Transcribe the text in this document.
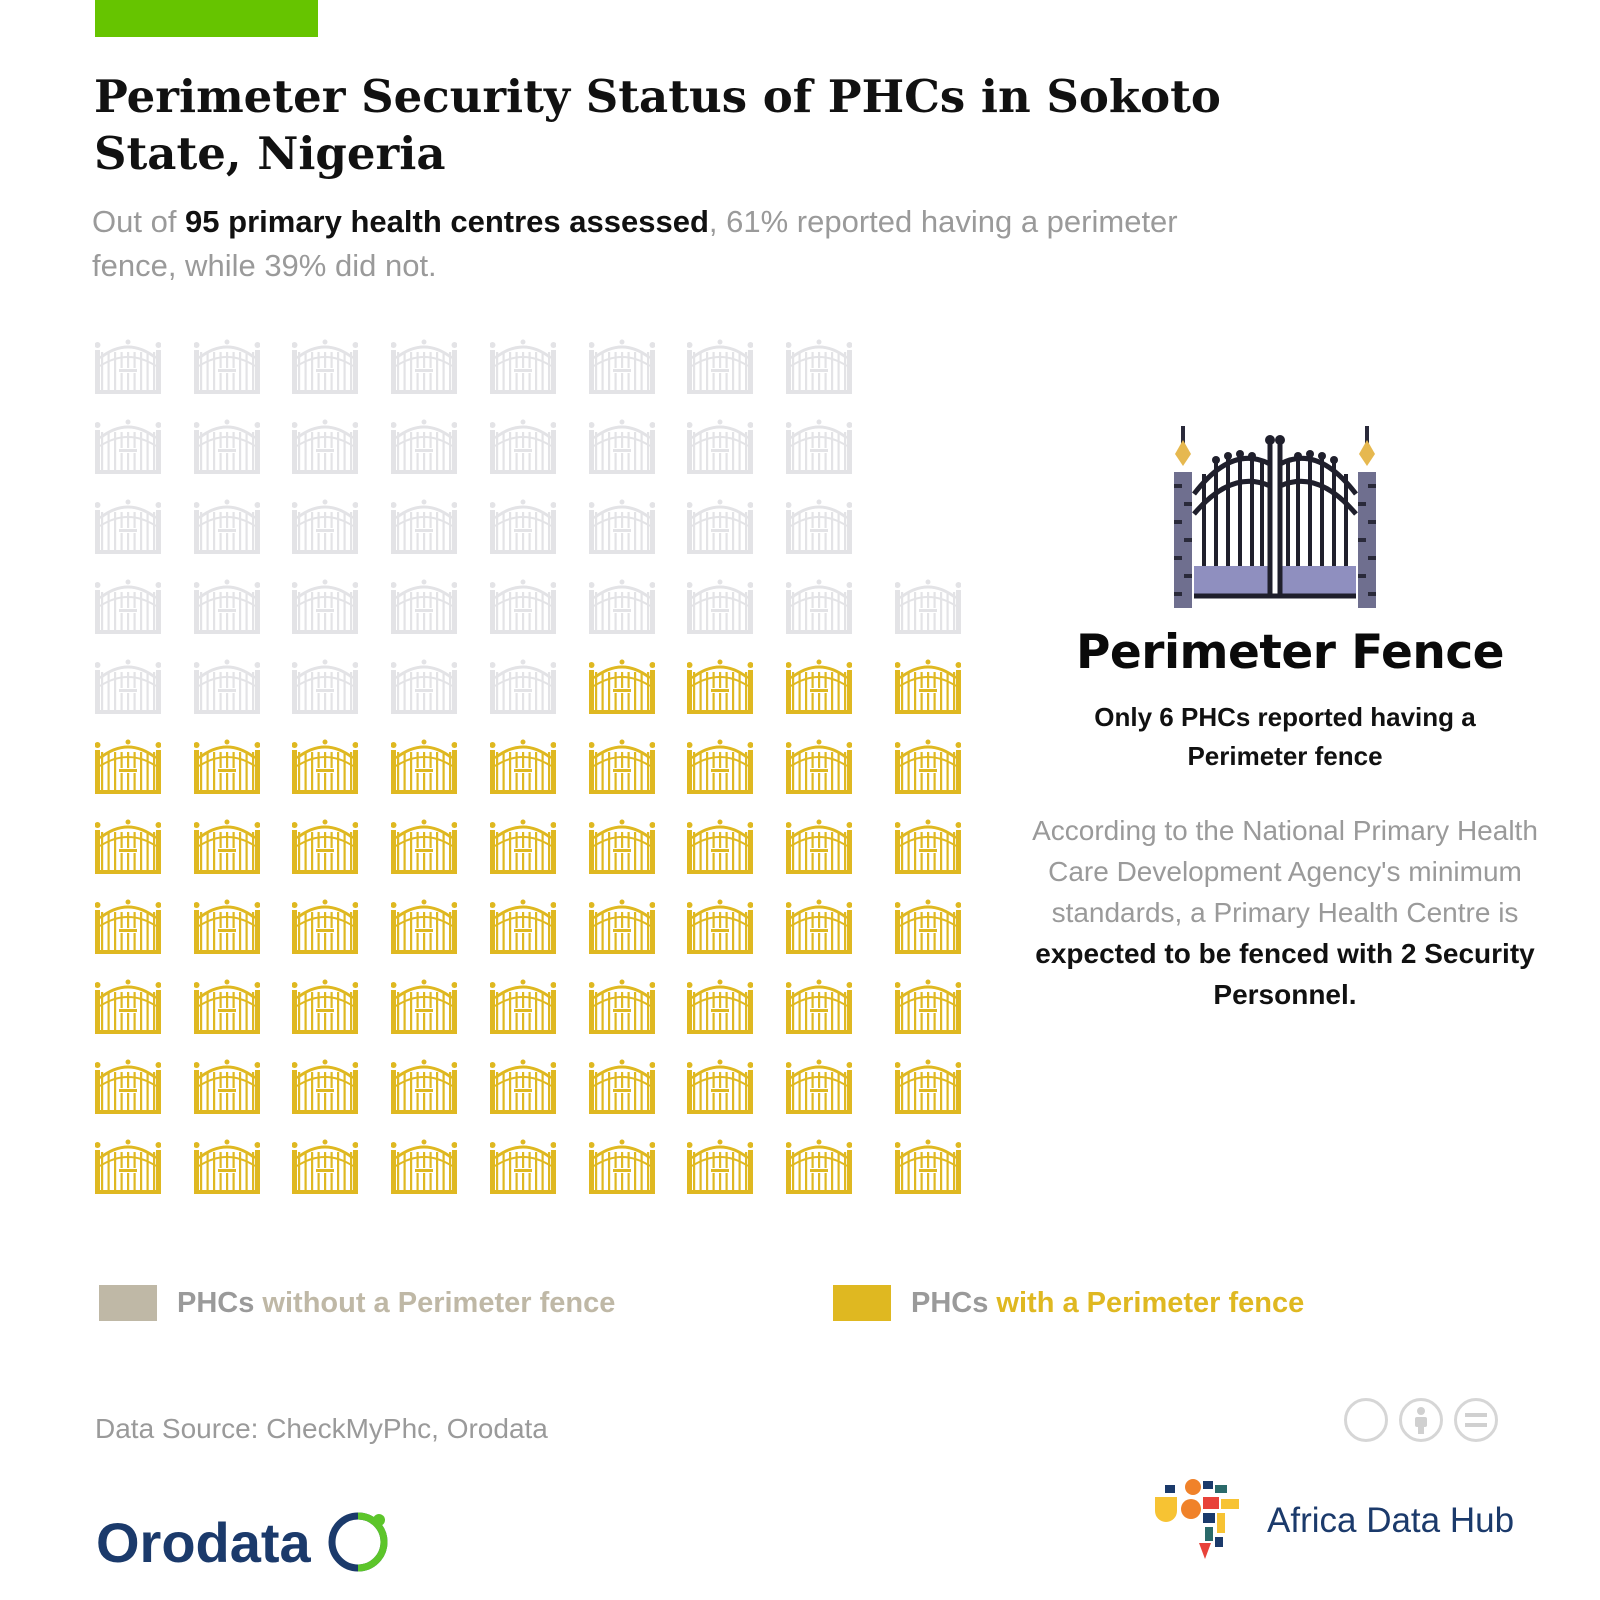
Perimeter Security Status of PHCs in Sokoto State, Nigeria

Out of 95 primary health centres assessed, 61% reported having a perimeter fence, while 39% did not.

Perimeter Fence
Only 6 PHCs reported having a Perimeter fence
According to the National Primary Health Care Development Agency's minimum standards, a Primary Health Centre is expected to be fenced with 2 Security Personnel.
PHCs without a Perimeter fence	PHCs with a Perimeter fence
Data Source: CheckMyPhc, Orodata
Orodata	Africa Data Hub
